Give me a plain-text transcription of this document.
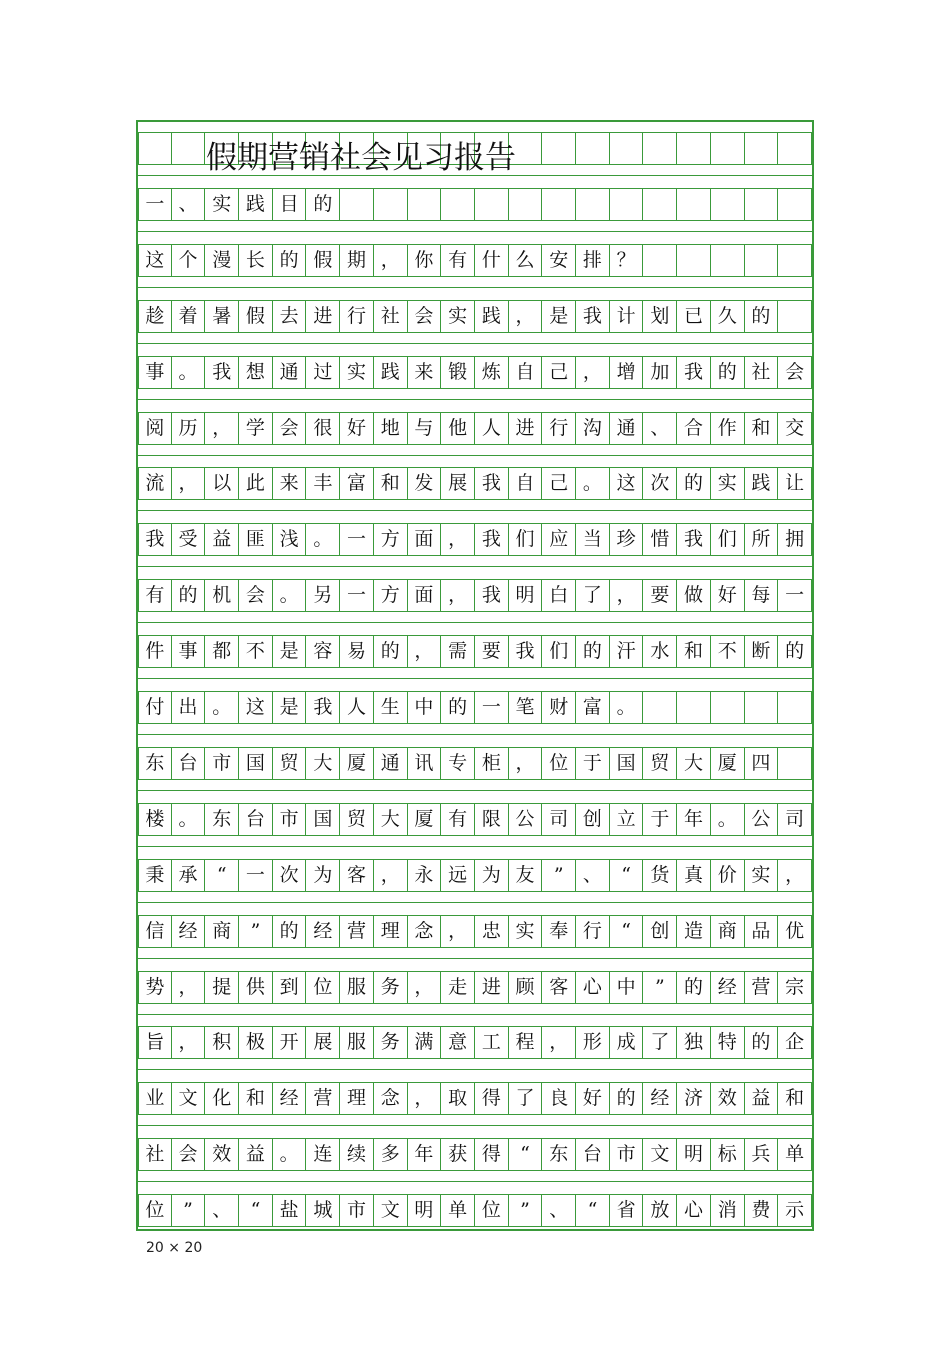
一 、 实 践 目 的
这 个 漫 长 的 假 期 ， 你 有 什 么 安 排 ？
趁 着 暑 假 去 进 行 社 会 实 践 ， 是 我 计 划 已 久 的
事 。 我 想 通 过 实 践 来 锻 炼 自 己 ， 增 加 我 的 社 会
阅 历 ， 学 会 很 好 地 与 他 人 进 行 沟 通 、 合 作 和 交
流 ， 以 此 来 丰 富 和 发 展 我 自 己 。 这 次 的 实 践 让
我 受 益 匪 浅 。 一 方 面 ， 我 们 应 当 珍 惜 我 们 所 拥
有 的 机 会 。 另 一 方 面 ， 我 明 白 了 ， 要 做 好 每 一
件 事 都 不 是 容 易 的 ， 需 要 我 们 的 汗 水 和 不 断 的
付 出 。 这 是 我 人 生 中 的 一 笔 财 富 。
东 台 市 国 贸 大 厦 通 讯 专 柜 ， 位 于 国 贸 大 厦 四
楼 。 东 台 市 国 贸 大 厦 有 限 公 司 创 立 于 年 。 公 司
秉 承	“	一 次 为 客 ， 永 远 为 友	”	、	“	货 真 价 实 ，
信 经 商	”	的 经 营 理 念 ， 忠 实 奉 行	“	创 造 商 品 优
势 ， 提 供 到 位 服 务 ， 走 进 顾 客 心 中	”	的 经 营 宗
旨 ， 积 极 开 展 服 务 满 意 工 程 ， 形 成 了 独 特 的 企
业 文 化 和 经 营 理 念 ， 取 得 了 良 好 的 经 济 效 益 和
社 会 效 益 。 连 续 多 年 获 得	“	东 台 市 文 明 标 兵 单
位 ”	、	“	盐 城 市 文 明 单 位	”	、	“	省 放 心 消 费 示
假期营销社会见习报告
20 × 20
